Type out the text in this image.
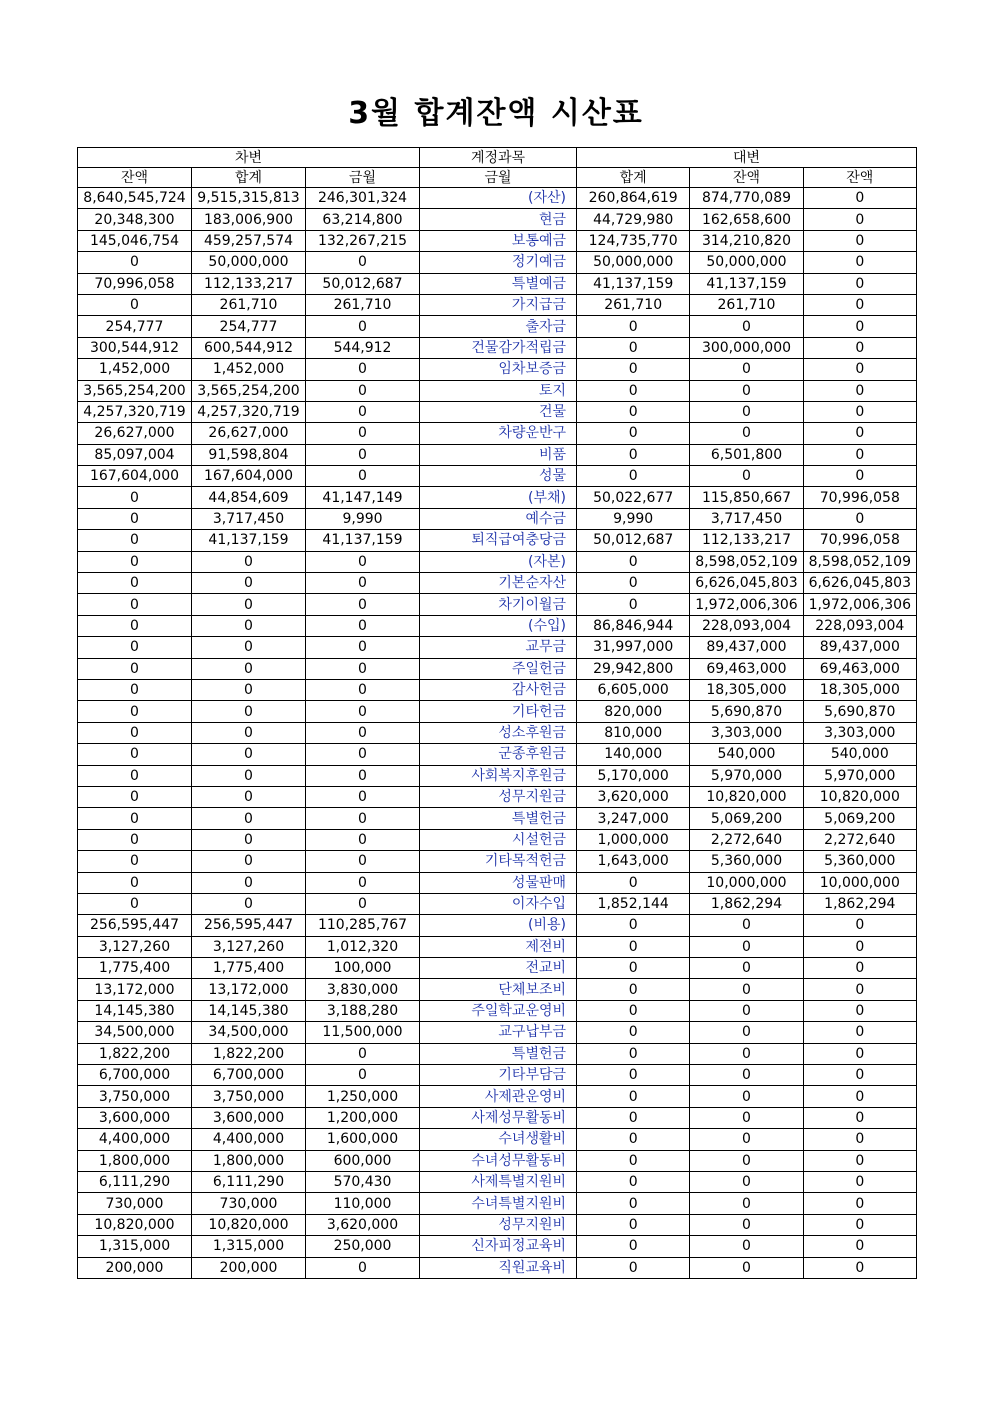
3월 합계잔액 시산표
차변			계정과목	대변		
잔액	합계	금월	금월	합계	잔액	잔액
8,640,545,724	9,515,315,813	246,301,324	(자산)	260,864,619	874,770,089	0
20,348,300	183,006,900	63,214,800	현금	44,729,980	162,658,600	0
145,046,754	459,257,574	132,267,215	보통예금	124,735,770	314,210,820	0
0	50,000,000	0	정기예금	50,000,000	50,000,000	0
70,996,058	112,133,217	50,012,687	특별예금	41,137,159	41,137,159	0
0	261,710	261,710	가지급금	261,710	261,710	0
254,777	254,777	0	출자금	0	0	0
300,544,912	600,544,912	544,912	건물감가적립금	0	300,000,000	0
1,452,000	1,452,000	0	임차보증금	0	0	0
3,565,254,200	3,565,254,200	0	토지	0	0	0
4,257,320,719	4,257,320,719	0	건물	0	0	0
26,627,000	26,627,000	0	차량운반구	0	0	0
85,097,004	91,598,804	0	비품	0	6,501,800	0
167,604,000	167,604,000	0	성물	0	0	0
0	44,854,609	41,147,149	(부채)	50,022,677	115,850,667	70,996,058
0	3,717,450	9,990	예수금	9,990	3,717,450	0
0	41,137,159	41,137,159	퇴직급여충당금	50,012,687	112,133,217	70,996,058
0	0	0	(자본)	0	8,598,052,109	8,598,052,109
0	0	0	기본순자산	0	6,626,045,803	6,626,045,803
0	0	0	차기이월금	0	1,972,006,306	1,972,006,306
0	0	0	(수입)	86,846,944	228,093,004	228,093,004
0	0	0	교무금	31,997,000	89,437,000	89,437,000
0	0	0	주일헌금	29,942,800	69,463,000	69,463,000
0	0	0	감사헌금	6,605,000	18,305,000	18,305,000
0	0	0	기타헌금	820,000	5,690,870	5,690,870
0	0	0	성소후원금	810,000	3,303,000	3,303,000
0	0	0	군종후원금	140,000	540,000	540,000
0	0	0	사회복지후원금	5,170,000	5,970,000	5,970,000
0	0	0	성무지원금	3,620,000	10,820,000	10,820,000
0	0	0	특별헌금	3,247,000	5,069,200	5,069,200
0	0	0	시설헌금	1,000,000	2,272,640	2,272,640
0	0	0	기타목적헌금	1,643,000	5,360,000	5,360,000
0	0	0	성물판매	0	10,000,000	10,000,000
0	0	0	이자수입	1,852,144	1,862,294	1,862,294
256,595,447	256,595,447	110,285,767	(비용)	0	0	0
3,127,260	3,127,260	1,012,320	제전비	0	0	0
1,775,400	1,775,400	100,000	전교비	0	0	0
13,172,000	13,172,000	3,830,000	단체보조비	0	0	0
14,145,380	14,145,380	3,188,280	주일학교운영비	0	0	0
34,500,000	34,500,000	11,500,000	교구납부금	0	0	0
1,822,200	1,822,200	0	특별헌금	0	0	0
6,700,000	6,700,000	0	기타부담금	0	0	0
3,750,000	3,750,000	1,250,000	사제관운영비	0	0	0
3,600,000	3,600,000	1,200,000	사제성무활동비	0	0	0
4,400,000	4,400,000	1,600,000	수녀생활비	0	0	0
1,800,000	1,800,000	600,000	수녀성무활동비	0	0	0
6,111,290	6,111,290	570,430	사제특별지원비	0	0	0
730,000	730,000	110,000	수녀특별지원비	0	0	0
10,820,000	10,820,000	3,620,000	성무지원비	0	0	0
1,315,000	1,315,000	250,000	신자피정교육비	0	0	0
200,000	200,000	0	직원교육비	0	0	0
